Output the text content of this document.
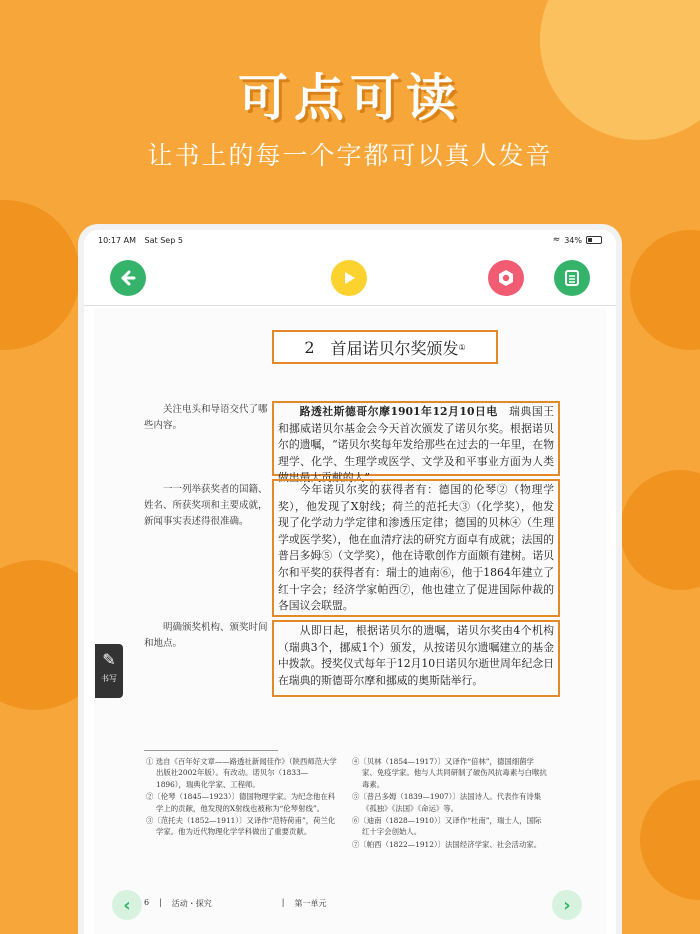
可点可读
让书上的每一个字都可以真人发音
10:17 AM Sat Sep 5	≈ 34%
2 首届诺贝尔奖颁发 ①
关注电头和导语交代了哪些内容。
一一列举获奖者的国籍、姓名、所获奖项和主要成就，新闻事实表述得很准确。
明确颁奖机构、颁奖时间和地点。
路透社斯德哥尔摩1901年12月10日电　瑞典国王和挪威诺贝尔基金会今天首次颁发了诺贝尔奖。根据诺贝尔的遗嘱，“诺贝尔奖每年发给那些在过去的一年里，在物理学、化学、生理学或医学、文学及和平事业方面为人类做出最大贡献的人”。
今年诺贝尔奖的获得者有：德国的伦琴②（物理学奖），他发现了X射线；荷兰的范托夫③（化学奖），他发现了化学动力学定律和渗透压定律；德国的贝林④（生理学或医学奖），他在血清疗法的研究方面卓有成就；法国的普吕多姆⑤（文学奖），他在诗歌创作方面颇有建树。诺贝尔和平奖的获得者有：瑞士的迪南⑥，他于1864年建立了红十字会；经济学家帕西⑦，他也建立了促进国际仲裁的各国议会联盟。
从即日起，根据诺贝尔的遗嘱，诺贝尔奖由4个机构（瑞典3个，挪威1个）颁发，从按诺贝尔遗嘱建立的基金中拨款。授奖仪式每年于12月10日诺贝尔逝世周年纪念日在瑞典的斯德哥尔摩和挪威的奥斯陆举行。
① 选自《百年好文章——路透社新闻佳作》（陕西师范大学出版社2002年版）。有改动。诺贝尔（1833—1896），瑞典化学家、工程师。
②〔伦琴（1845—1923）〕德国物理学家。为纪念他在科学上的贡献，他发现的X射线也被称为“伦琴射线”。
③〔范托夫（1852—1911）〕又译作“范特荷甫”，荷兰化学家。他为近代物理化学学科做出了重要贡献。
④〔贝林（1854—1917）〕又译作“倍林”，德国细菌学家、免疫学家。他与人共同研制了破伤风抗毒素与白喉抗毒素。
⑤〔普吕多姆（1839—1907）〕法国诗人。代表作有诗集《孤独》《法国》《命运》等。
⑥〔迪南（1828—1910）〕又译作“杜南”，瑞士人，国际红十字会创始人。
⑦〔帕西（1822—1912）〕法国经济学家、社会活动家。
6 | 活动・探究	| 第一单元
‹	›
✎
书写
